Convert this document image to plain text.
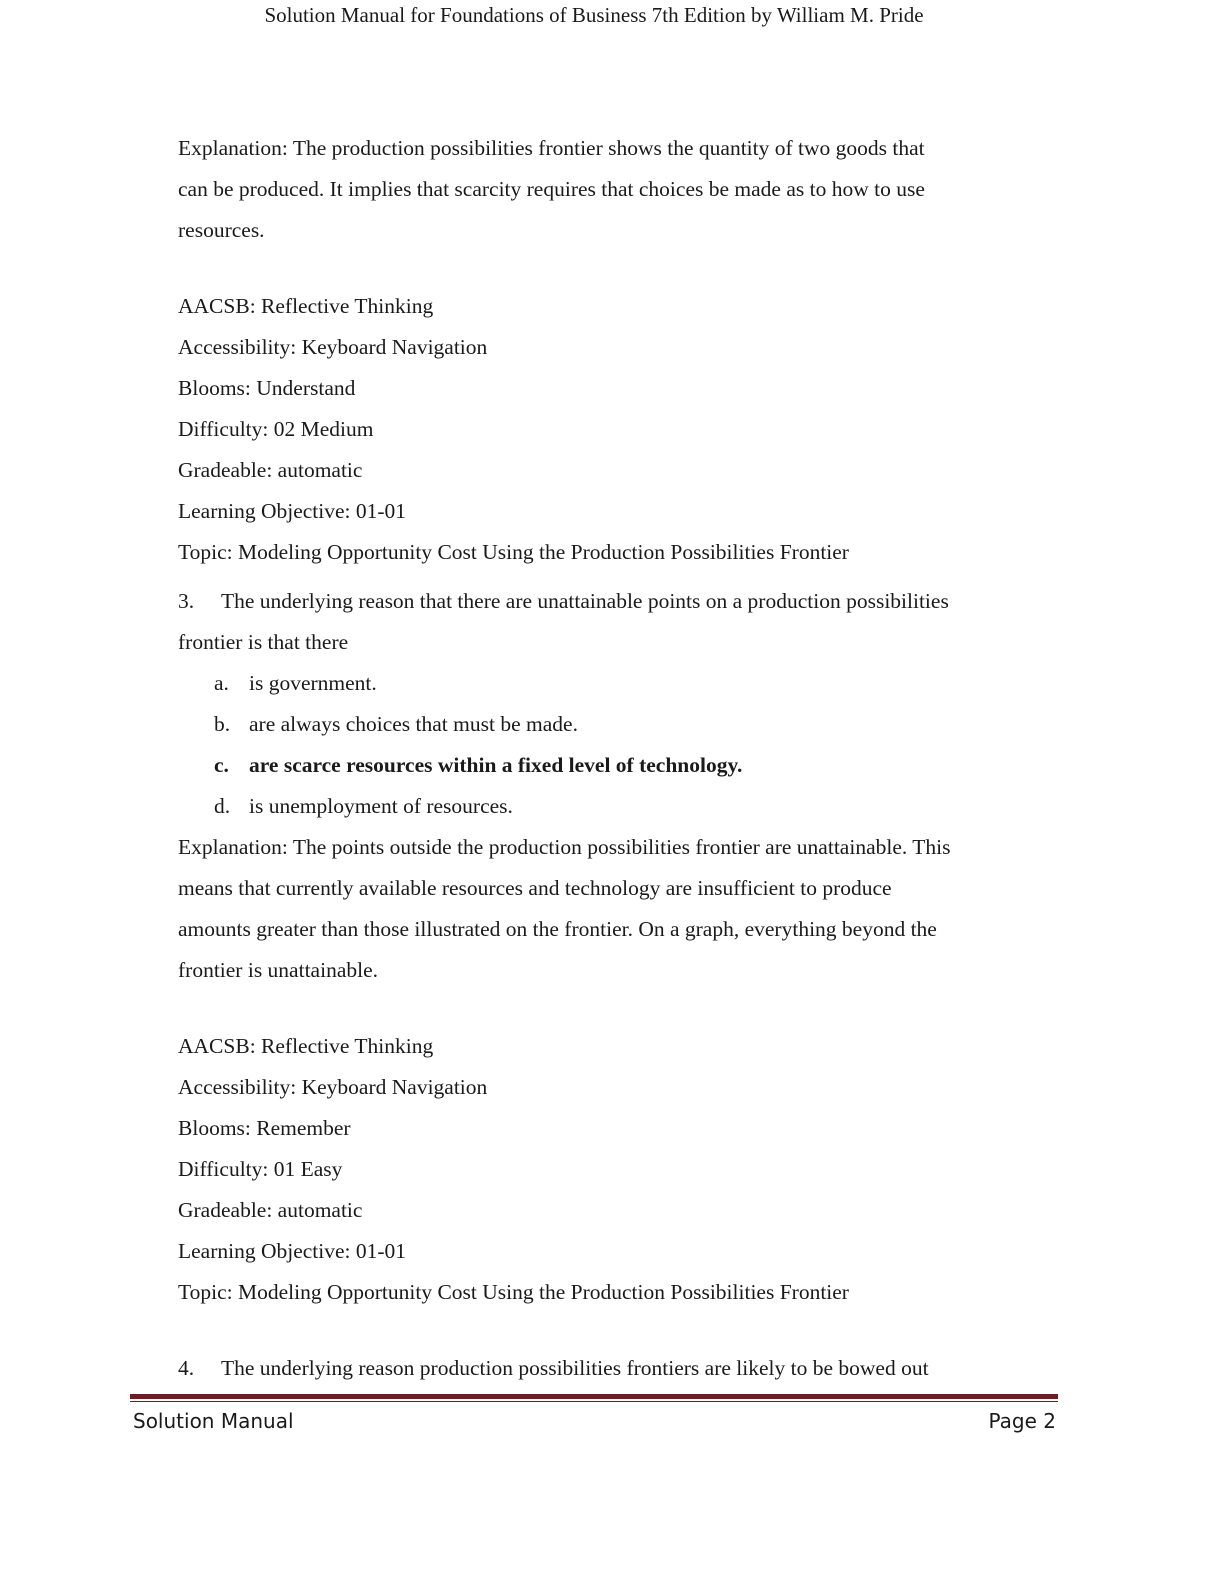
Solution Manual for Foundations of Business 7th Edition by William M. Pride
Explanation: The production possibilities frontier shows the quantity of two goods that
can be produced. It implies that scarcity requires that choices be made as to how to use
resources.
AACSB: Reflective Thinking
Accessibility: Keyboard Navigation
Blooms: Understand
Difficulty: 02 Medium
Gradeable: automatic
Learning Objective: 01-01
Topic: Modeling Opportunity Cost Using the Production Possibilities Frontier
3. The underlying reason that there are unattainable points on a production possibilities
frontier is that there
a. is government.
b. are always choices that must be made.
c. are scarce resources within a fixed level of technology.
d. is unemployment of resources.
Explanation: The points outside the production possibilities frontier are unattainable. This
means that currently available resources and technology are insufficient to produce
amounts greater than those illustrated on the frontier. On a graph, everything beyond the
frontier is unattainable.
AACSB: Reflective Thinking
Accessibility: Keyboard Navigation
Blooms: Remember
Difficulty: 01 Easy
Gradeable: automatic
Learning Objective: 01-01
Topic: Modeling Opportunity Cost Using the Production Possibilities Frontier
4. The underlying reason production possibilities frontiers are likely to be bowed out
Solution Manual	Page 2
